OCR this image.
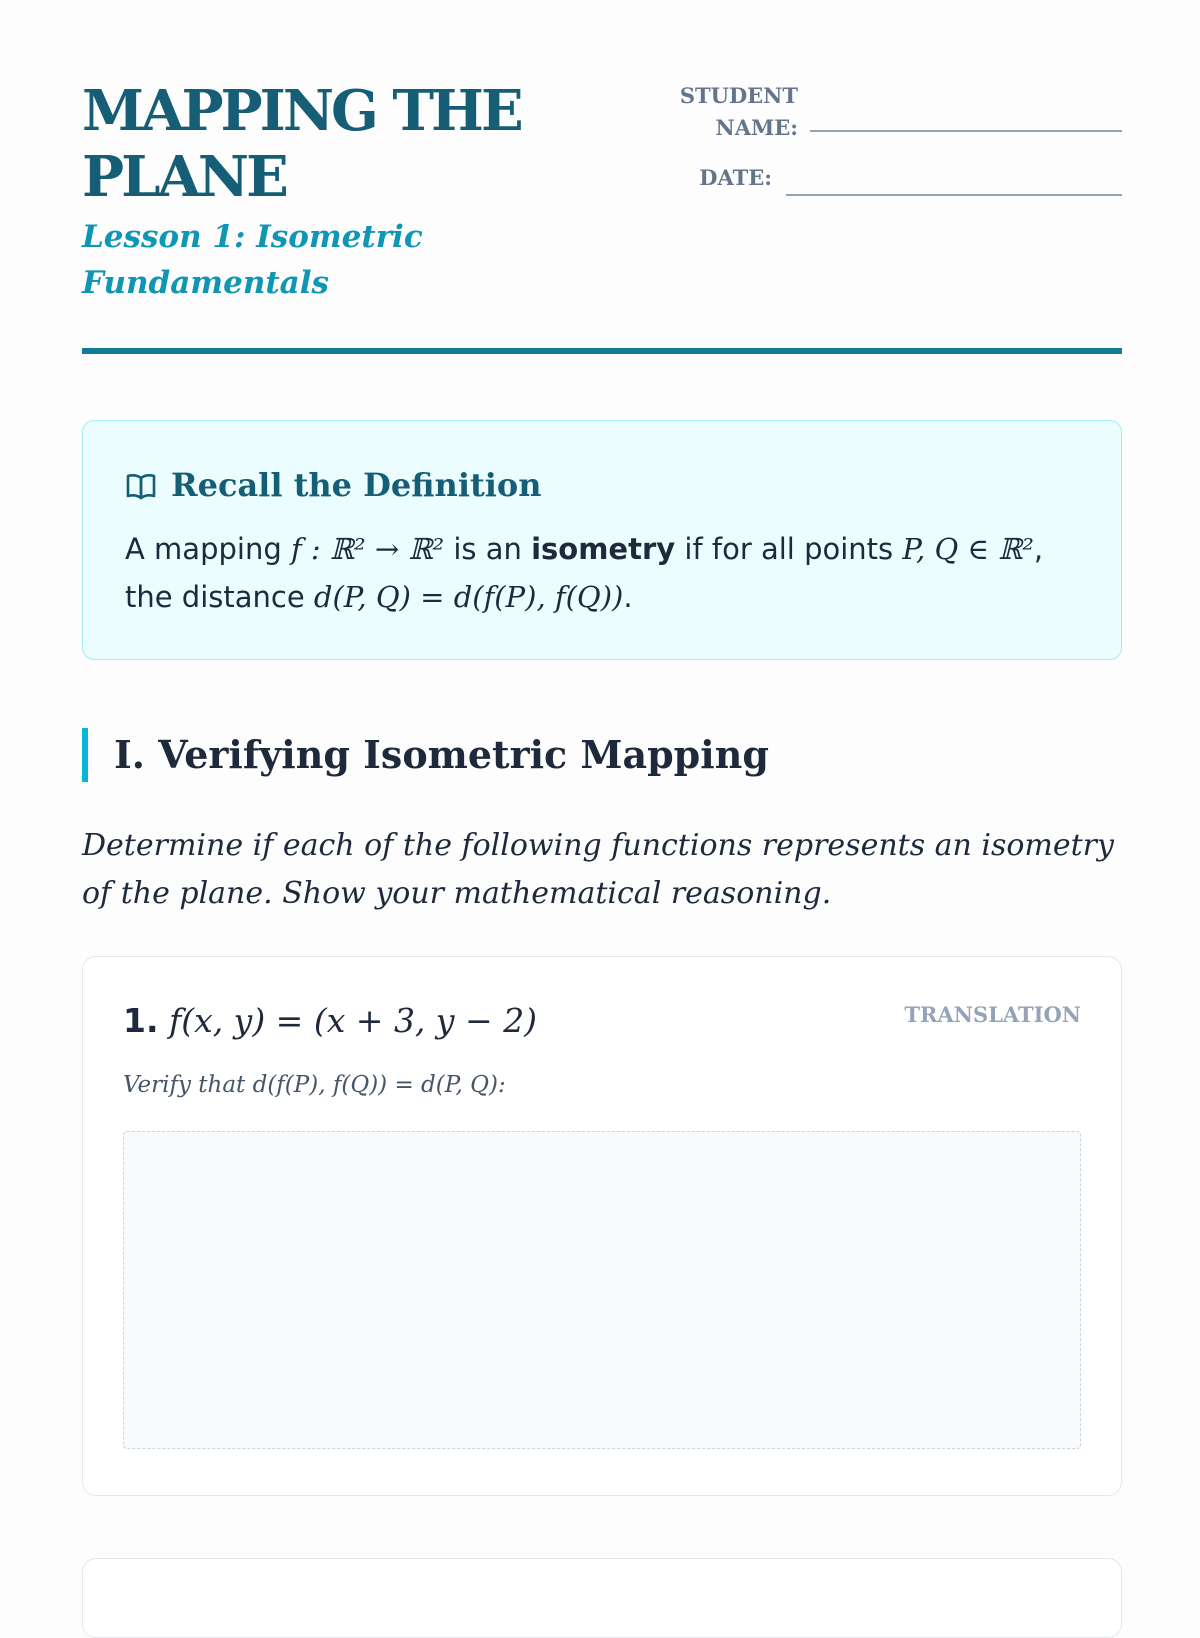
MAPPING THE PLANE
Lesson 1: Isometric Fundamentals
STUDENT NAME:
DATE:
Recall the Definition

A mapping f : ℝ² → ℝ² is an isometry if for all points P, Q ∈ ℝ², the distance d(P, Q) = d(f(P), f(Q)).

I. Verifying Isometric Mapping

Determine if each of the following functions represents an isometry of the plane. Show your mathematical reasoning.

1. f(x, y) = (x + 3, y − 2)	TRANSLATION

Verify that d(f(P), f(Q)) = d(P, Q):
